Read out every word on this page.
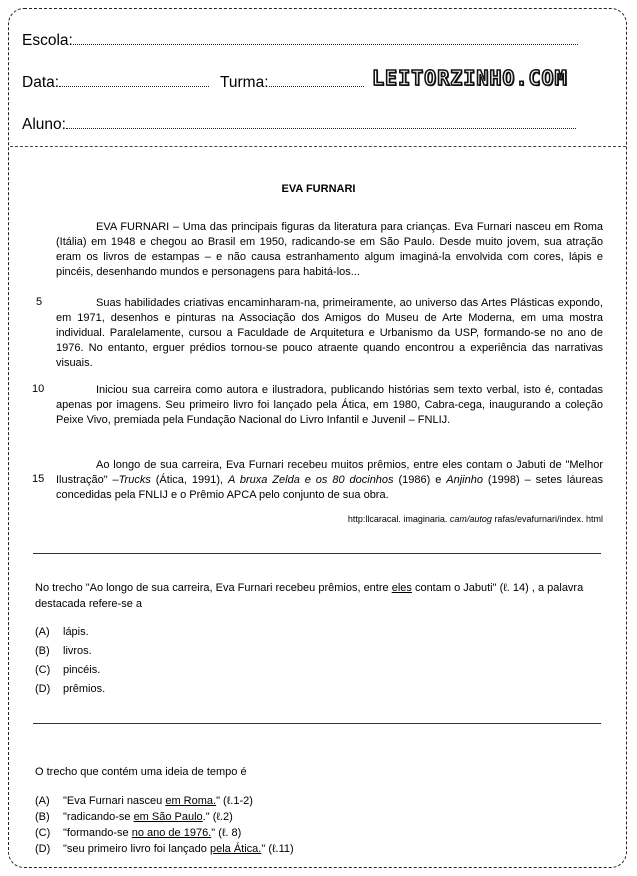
Escola:
Data:	Turma:	LEITORZINHO.COM
Aluno:
EVA FURNARI
EVA FURNARI – Uma das principais figuras da literatura para crianças. Eva Furnari nasceu em Roma (Itália) em 1948 e chegou ao Brasil em 1950, radicando-se em São Paulo. Desde muito jovem, sua atração eram os livros de estampas – e não causa estranhamento algum imaginá-la envolvida com cores, lápis e pincéis, desenhando mundos e personagens para habitá-los...
5	Suas habilidades criativas encaminharam-na, primeiramente, ao universo das Artes Plásticas expondo, em 1971, desenhos e pinturas na Associação dos Amigos do Museu de Arte Moderna, em uma mostra individual. Paralelamente, cursou a Faculdade de Arquitetura e Urbanismo da USP, formando-se no ano de 1976. No entanto, erguer prédios tornou-se pouco atraente quando encontrou a experiência das narrativas visuais.
10	Iniciou sua carreira como autora e ilustradora, publicando histórias sem texto verbal, isto é, contadas apenas por imagens. Seu primeiro livro foi lançado pela Ática, em 1980, Cabra-cega, inaugurando a coleção Peixe Vivo, premiada pela Fundação Nacional do Livro Infantil e Juvenil – FNLIJ.
15
Ao longo de sua carreira, Eva Furnari recebeu muitos prêmios, entre eles contam o Jabuti de "Melhor Ilustração" –Trucks (Ática, 1991), A bruxa Zelda e os 80 docinhos (1986) e Anjinho (1998) – setes láureas concedidas pela FNLIJ e o Prêmio APCA pelo conjunto de sua obra.
http:llcaracal. imaginaria. cam/autog rafas/evafurnari/index. html
No trecho "Ao longo de sua carreira, Eva Furnari recebeu prêmios, entre eles contam o Jabuti" (ℓ. 14) , a palavra destacada refere-se a
(A) lápis.
(B) livros.
(C) pincéis.
(D) prêmios.
O trecho que contém uma ideia de tempo é
(A) "Eva Furnari nasceu em Roma." (ℓ.1-2)
(B) "radicando-se em São Paulo." (ℓ.2)
(C) "formando-se no ano de 1976." (ℓ. 8)
(D) "seu primeiro livro foi lançado pela Ática." (ℓ.11)
